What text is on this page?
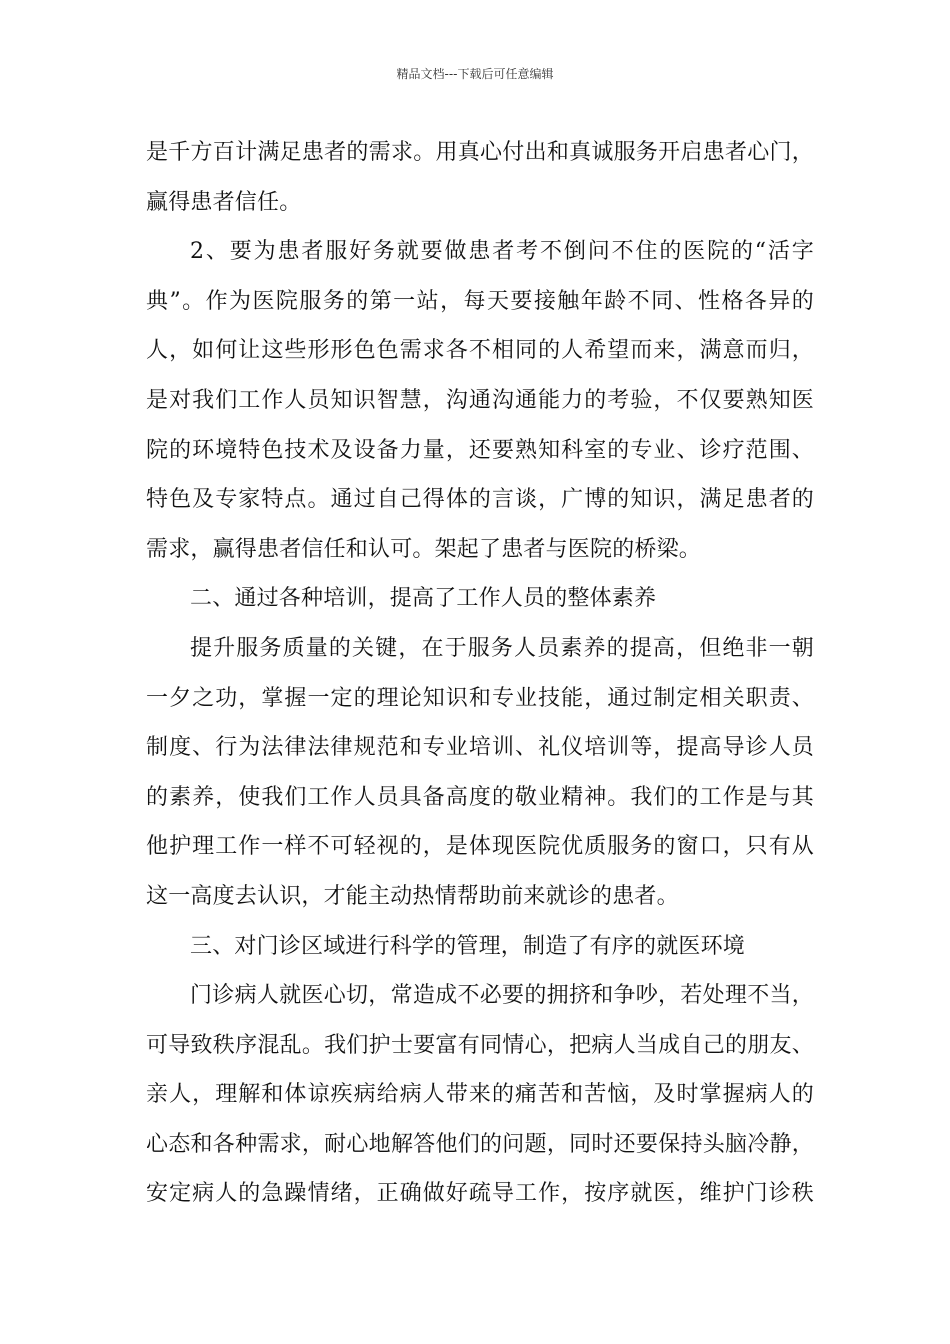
精品文档---下载后可任意编辑
是千方百计满足患者的需求。用真心付出和真诚服务开启患者心门，
赢得患者信任。
2、要为患者服好务就要做患者考不倒问不住的医院的“活字
典”。作为医院服务的第一站，每天要接触年龄不同、性格各异的
人，如何让这些形形色色需求各不相同的人希望而来，满意而归，
是对我们工作人员知识智慧，沟通沟通能力的考验，不仅要熟知医
院的环境特色技术及设备力量，还要熟知科室的专业、诊疗范围、
特色及专家特点。通过自己得体的言谈，广博的知识，满足患者的
需求，赢得患者信任和认可。架起了患者与医院的桥梁。
二、通过各种培训，提高了工作人员的整体素养
提升服务质量的关键，在于服务人员素养的提高，但绝非一朝
一夕之功，掌握一定的理论知识和专业技能，通过制定相关职责、
制度、行为法律法律规范和专业培训、礼仪培训等，提高导诊人员
的素养，使我们工作人员具备高度的敬业精神。我们的工作是与其
他护理工作一样不可轻视的，是体现医院优质服务的窗口，只有从
这一高度去认识，才能主动热情帮助前来就诊的患者。
三、对门诊区域进行科学的管理，制造了有序的就医环境
门诊病人就医心切，常造成不必要的拥挤和争吵，若处理不当，
可导致秩序混乱。我们护士要富有同情心，把病人当成自己的朋友、
亲人，理解和体谅疾病给病人带来的痛苦和苦恼，及时掌握病人的
心态和各种需求，耐心地解答他们的问题，同时还要保持头脑冷静，
安定病人的急躁情绪，正确做好疏导工作，按序就医，维护门诊秩
